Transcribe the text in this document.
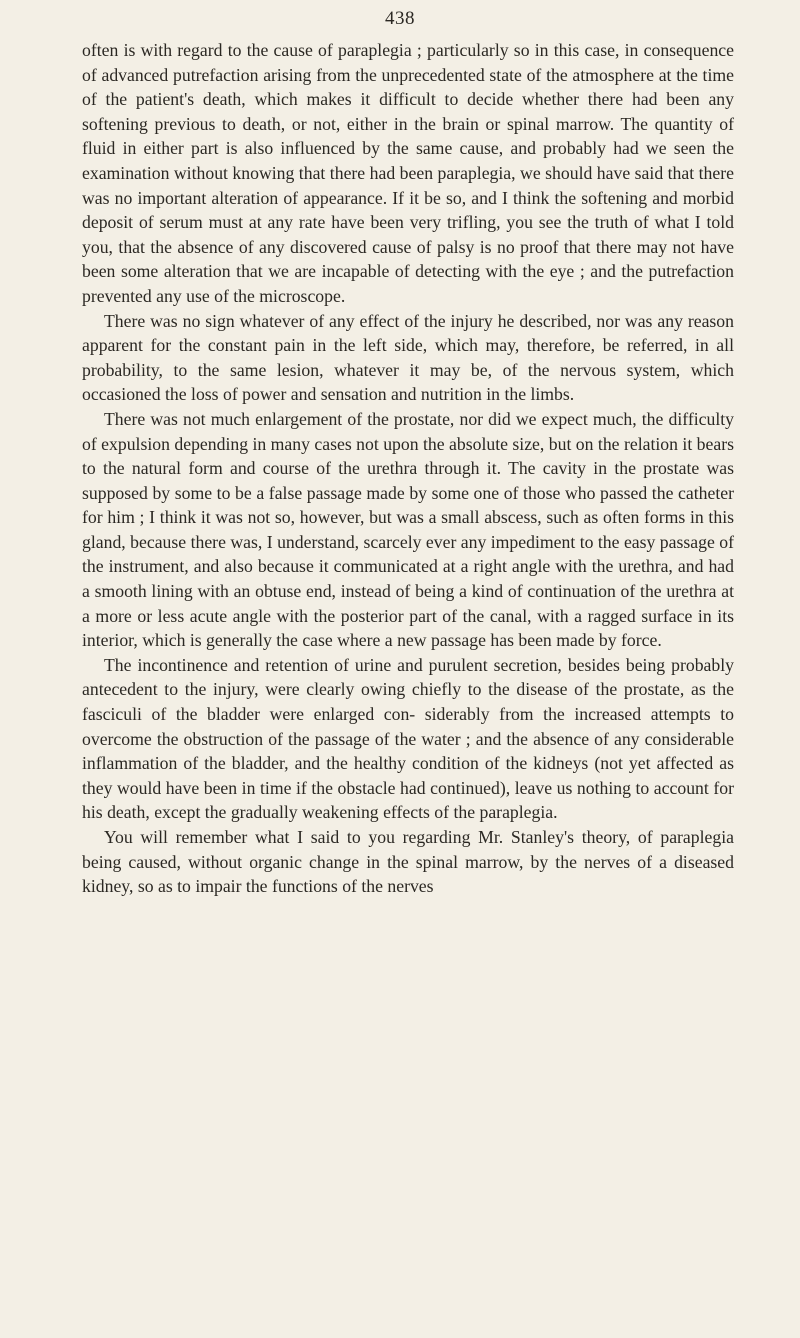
438

often is with regard to the cause of paraplegia ; particularly so in this case, in consequence of advanced putrefaction arising from the unprecedented state of the atmosphere at the time of the patient's death, which makes it difficult to decide whether there had been any softening previous to death, or not, either in the brain or spinal marrow. The quantity of fluid in either part is also influenced by the same cause, and probably had we seen the examination without knowing that there had been paraplegia, we should have said that there was no important alteration of appearance. If it be so, and I think the softening and morbid deposit of serum must at any rate have been very trifling, you see the truth of what I told you, that the absence of any discovered cause of palsy is no proof that there may not have been some alteration that we are incapable of detecting with the eye ; and the putrefaction prevented any use of the microscope.

There was no sign whatever of any effect of the injury he described, nor was any reason apparent for the constant pain in the left side, which may, therefore, be referred, in all probability, to the same lesion, whatever it may be, of the nervous system, which occasioned the loss of power and sensation and nutrition in the limbs.

There was not much enlargement of the prostate, nor did we expect much, the difficulty of expulsion depending in many cases not upon the absolute size, but on the relation it bears to the natural form and course of the urethra through it. The cavity in the prostate was supposed by some to be a false passage made by some one of those who passed the catheter for him ; I think it was not so, however, but was a small abscess, such as often forms in this gland, because there was, I understand, scarcely ever any impediment to the easy passage of the instrument, and also because it communicated at a right angle with the urethra, and had a smooth lining with an obtuse end, instead of being a kind of continuation of the urethra at a more or less acute angle with the posterior part of the canal, with a ragged surface in its interior, which is generally the case where a new passage has been made by force.

The incontinence and retention of urine and purulent secretion, besides being probably antecedent to the injury, were clearly owing chiefly to the disease of the prostate, as the fasciculi of the bladder were enlarged con- siderably from the increased attempts to overcome the obstruction of the passage of the water ; and the absence of any considerable inflammation of the bladder, and the healthy condition of the kidneys (not yet affected as they would have been in time if the obstacle had continued), leave us nothing to account for his death, except the gradually weakening effects of the paraplegia.

You will remember what I said to you regarding Mr. Stanley's theory, of paraplegia being caused, without organic change in the spinal marrow, by the nerves of a diseased kidney, so as to impair the functions of the nerves
